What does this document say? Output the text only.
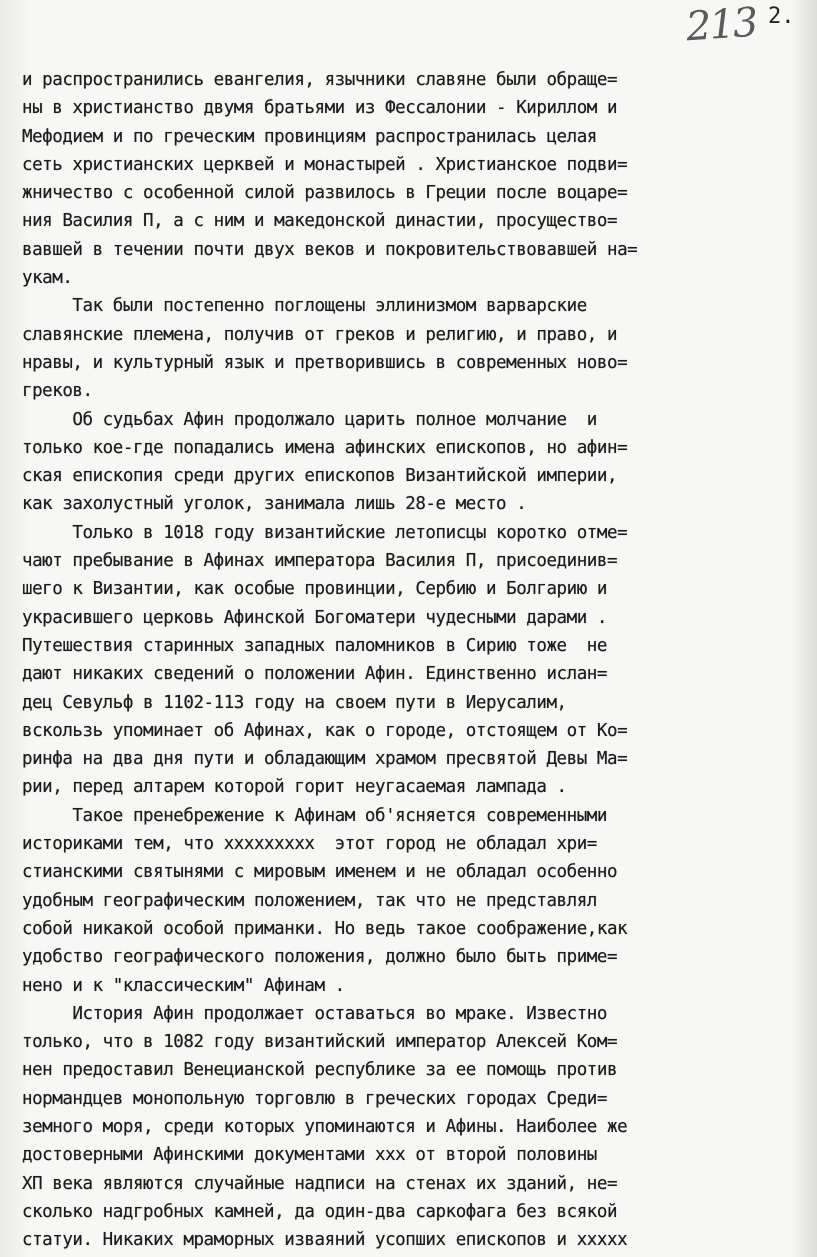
213 2.
и распространились евангелия, язычники славяне были обраще=
ны в христианство двумя братьями из Фессалонии - Кириллом и
Мефодием и по греческим провинциям распространилась целая
сеть христианских церквей и монастырей . Христианское подви=
жничество с особенной силой развилось в Греции после воцаре=
ния Василия П, а с ним и македонской династии, просущество=
вавшей в течении почти двух веков и покровительствовавшей на=
укам.
Так были постепенно поглощены эллинизмом варварские
славянские племена, получив от греков и религию, и право, и
нравы, и культурный язык и претворившись в современных ново=
греков.
Об судьбах Афин продолжало царить полное молчание  и
только кое-где попадались имена афинских епископов, но афин=
ская епископия среди других епископов Византийской империи,
как захолустный уголок, занимала лишь 28-е место .
Только в 1018 году византийские летописцы коротко отме=
чают пребывание в Афинах императора Василия П, присоединив=
шего к Византии, как особые провинции, Сербию и Болгарию и
украсившего церковь Афинской Богоматери чудесными дарами .
Путешествия старинных западных паломников в Сирию тоже  не
дают никаких сведений о положении Афин. Единственно ислан=
дец Севульф в 1102-113 году на своем пути в Иерусалим,
вскользь упоминает об Афинах, как о городе, отстоящем от Ко=
ринфа на два дня пути и обладающим храмом пресвятой Девы Ма=
рии, перед алтарем которой горит неугасаемая лампада .
Такое пренебрежение к Афинам об'ясняется современными
историками тем, что xxxxxxxxx  этот город не обладал хри=
стианскими святынями с мировым именем и не обладал особенно
удобным географическим положением, так что не представлял
собой никакой особой приманки. Но ведь такое соображение,как
удобство географического положения, должно было быть приме=
нено и к "классическим" Афинам .
История Афин продолжает оставаться во мраке. Известно
только, что в 1082 году византийский император Алексей Ком=
нен предоставил Венецианской республике за ее помощь против
нормандцев монопольную торговлю в греческих городах Среди=
земного моря, среди которых упоминаются и Афины. Наиболее же
достоверными Афинскими документами xxx от второй половины
XП века являются случайные надписи на стенах их зданий, не=
сколько надгробных камней, да один-два саркофага без всякой
статуи. Никаких мраморных изваяний усопших епископов и xxxxx
